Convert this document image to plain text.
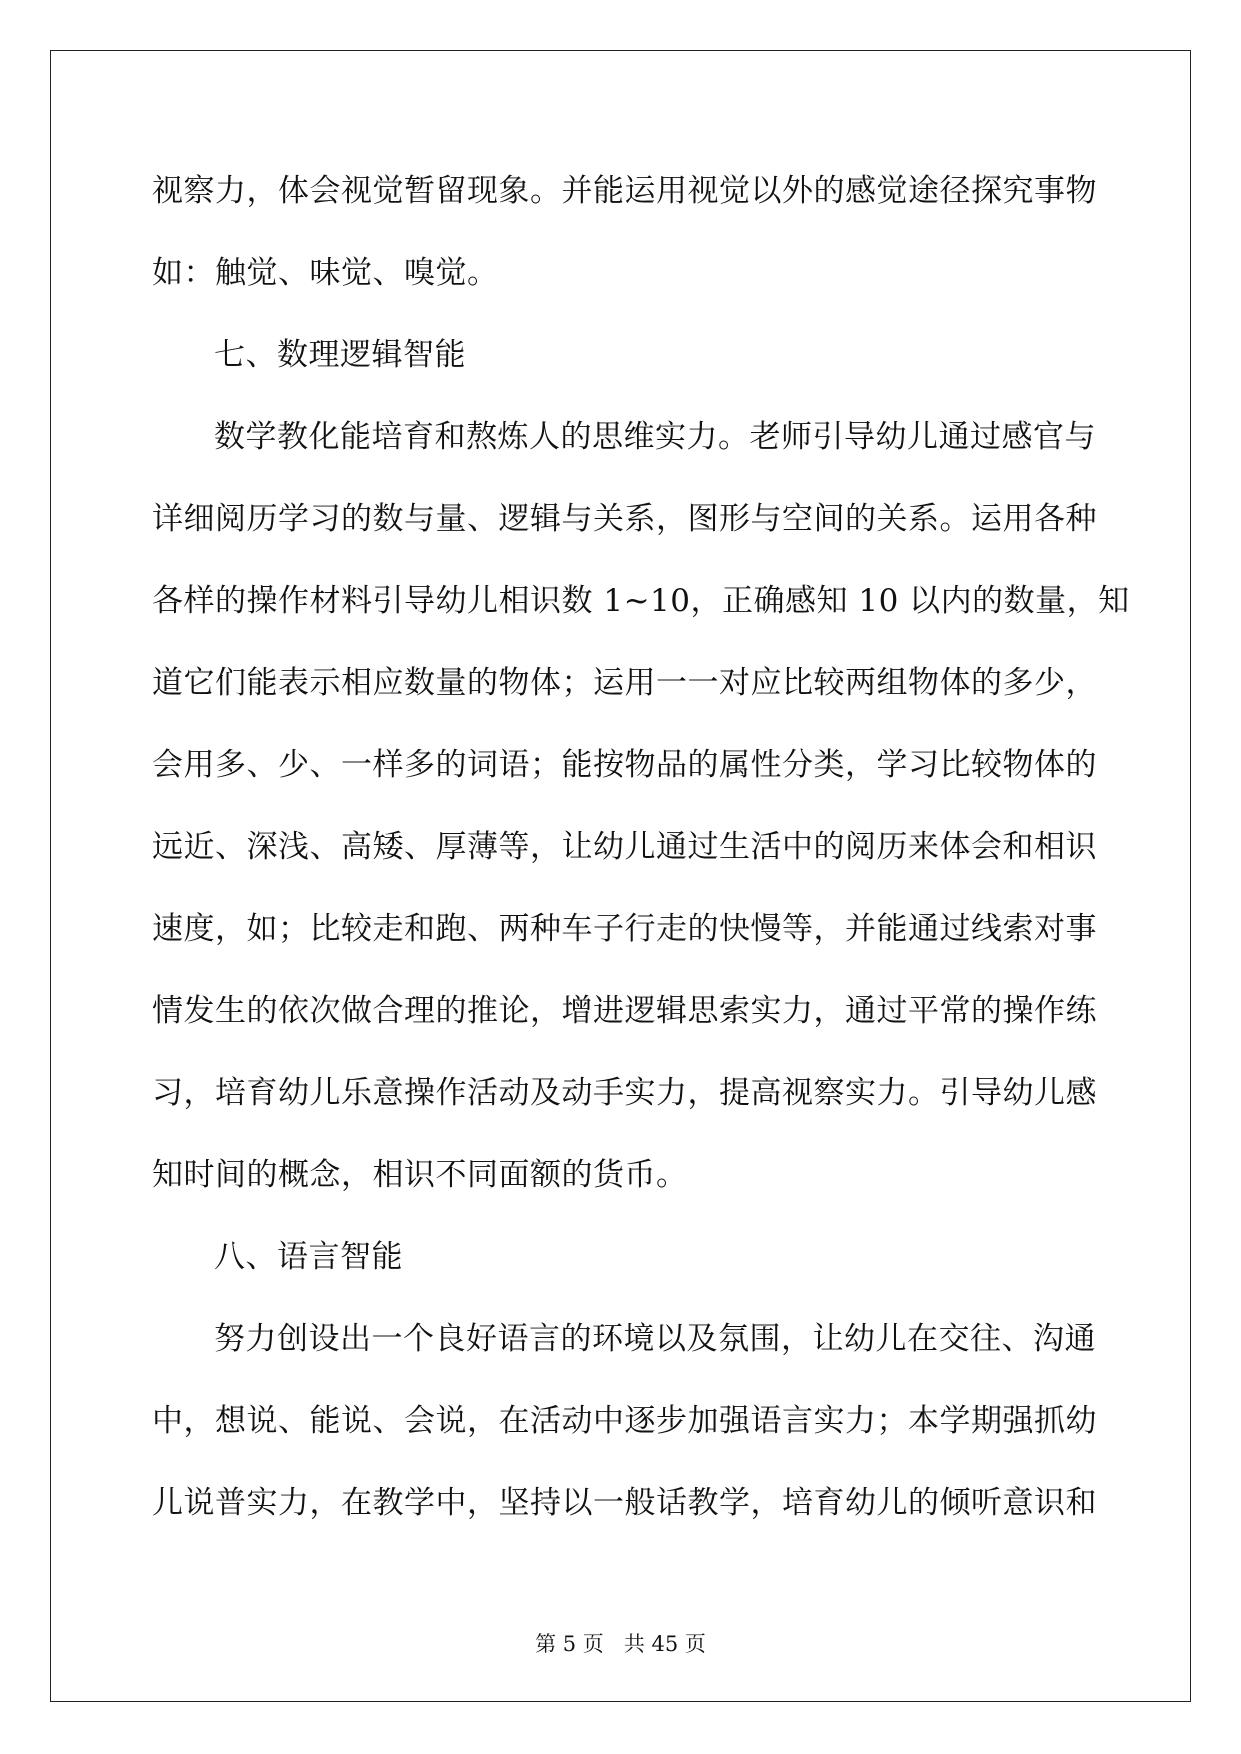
视察力，体会视觉暂留现象。并能运用视觉以外的感觉途径探究事物
如：触觉、味觉、嗅觉。
七、数理逻辑智能
数学教化能培育和熬炼人的思维实力。老师引导幼儿通过感官与
详细阅历学习的数与量、逻辑与关系，图形与空间的关系。运用各种
各样的操作材料引导幼儿相识数 1~10，正确感知 10 以内的数量，知
道它们能表示相应数量的物体；运用一一对应比较两组物体的多少，
会用多、少、一样多的词语；能按物品的属性分类，学习比较物体的
远近、深浅、高矮、厚薄等，让幼儿通过生活中的阅历来体会和相识
速度，如；比较走和跑、两种车子行走的快慢等，并能通过线索对事
情发生的依次做合理的推论，增进逻辑思索实力，通过平常的操作练
习，培育幼儿乐意操作活动及动手实力，提高视察实力。引导幼儿感
知时间的概念，相识不同面额的货币。
八、语言智能
努力创设出一个良好语言的环境以及氛围，让幼儿在交往、沟通
中，想说、能说、会说，在活动中逐步加强语言实力；本学期强抓幼
儿说普实力，在教学中，坚持以一般话教学，培育幼儿的倾听意识和
第 5 页 共 45 页
